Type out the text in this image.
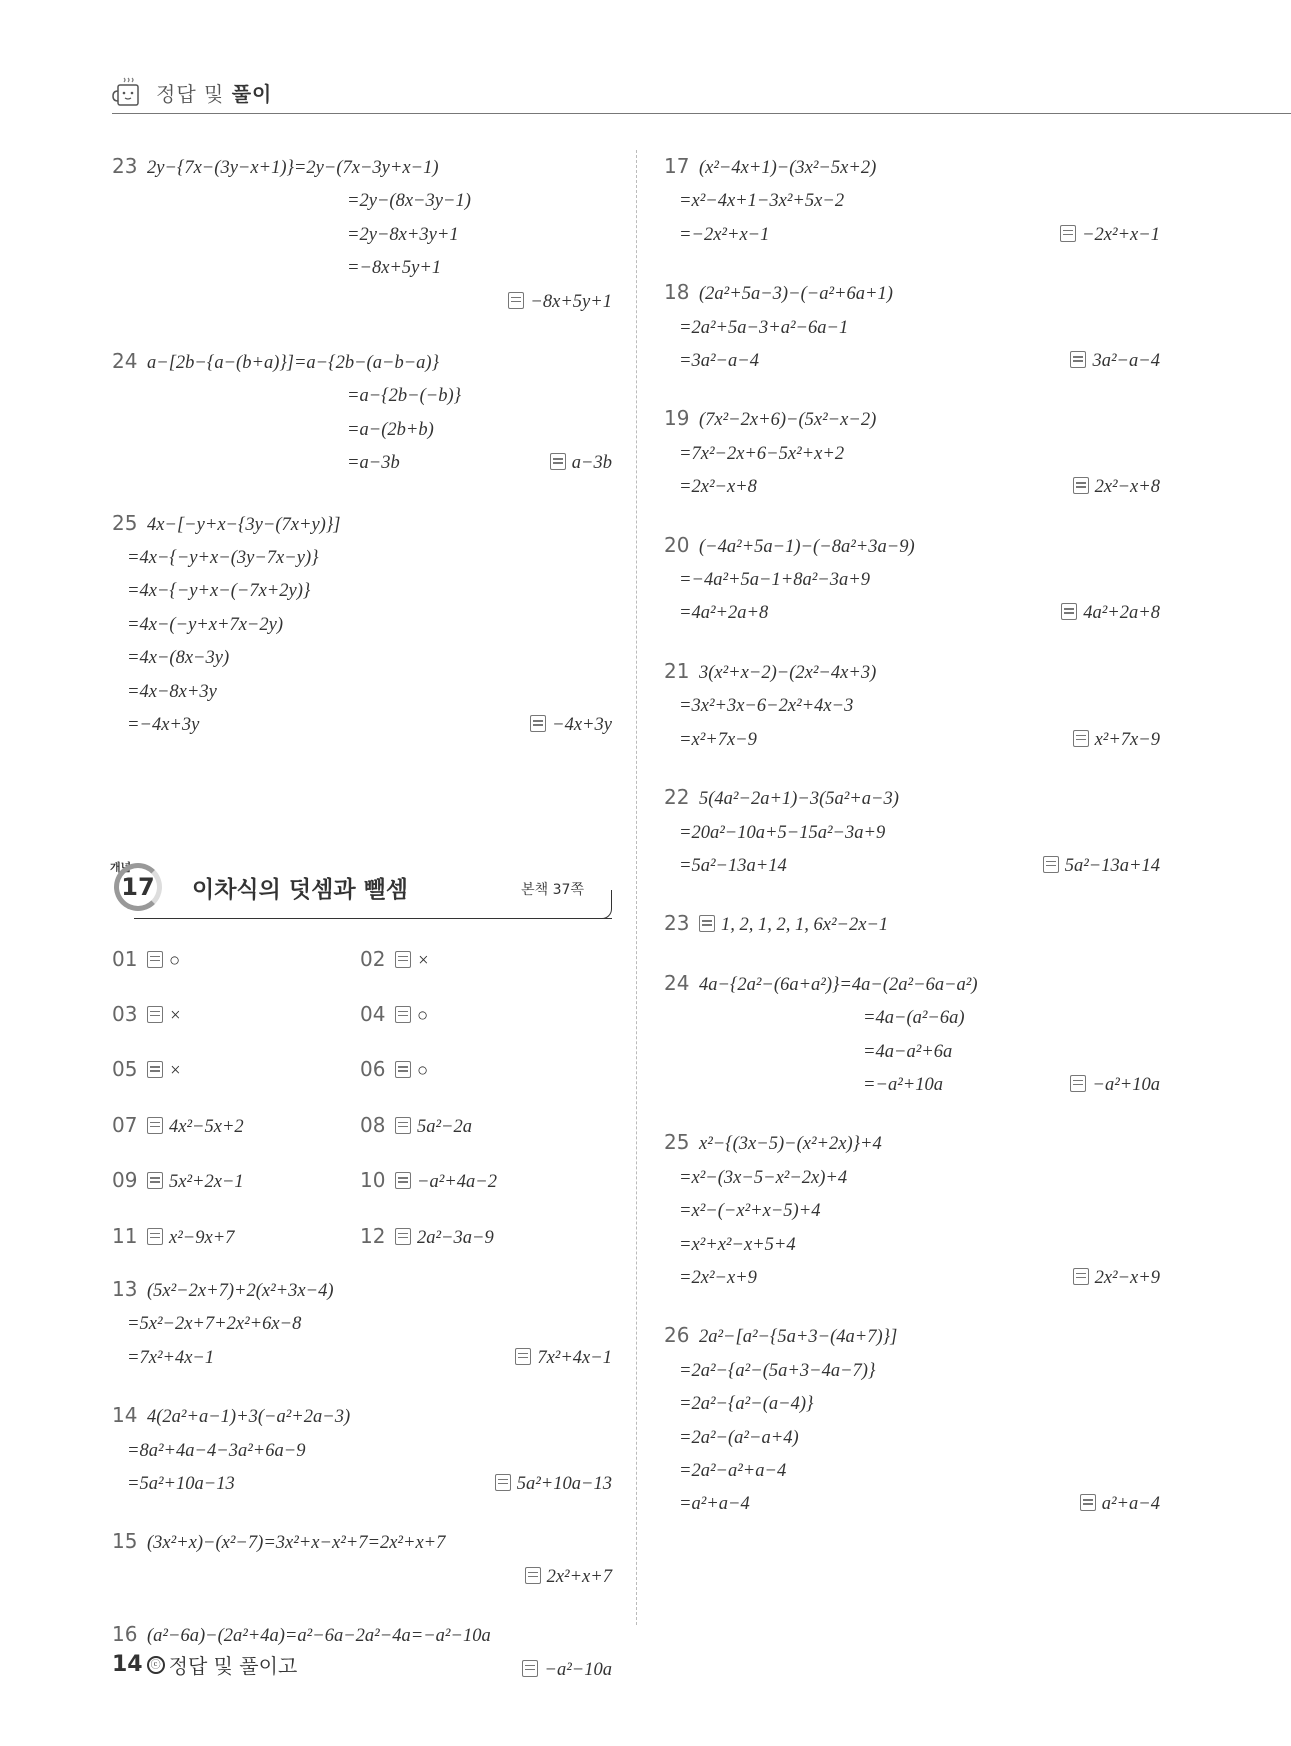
정답 및 풀이
23 2y−{7x−(3y−x+1)}=2y−(7x−3y+x−1)
=2y−(8x−3y−1)
=2y−8x+3y+1
=−8x+5y+1
−8x+5y+1
24 a−[2b−{a−(b+a)}]=a−{2b−(a−b−a)}
=a−{2b−(−b)}
=a−(2b+b)
=a−3b	a−3b
25 4x−[−y+x−{3y−(7x+y)}]
=4x−{−y+x−(3y−7x−y)}
=4x−{−y+x−(−7x+2y)}
=4x−(−y+x+7x−2y)
=4x−(8x−3y)
=4x−8x+3y
=−4x+3y	−4x+3y
개념
17 이차식의 덧셈과 뺄셈	본책 37쪽
01 ○	02 ×
03 ×	04 ○
05 ×	06 ○
07 4x²−5x+2	08 5a²−2a
09 5x²+2x−1	10 −a²+4a−2
11 x²−9x+7	12 2a²−3a−9
13 (5x²−2x+7)+2(x²+3x−4)
=5x²−2x+7+2x²+6x−8
=7x²+4x−1	7x²+4x−1
14 4(2a²+a−1)+3(−a²+2a−3)
=8a²+4a−4−3a²+6a−9
=5a²+10a−13	5a²+10a−13
15 (3x²+x)−(x²−7)=3x²+x−x²+7=2x²+x+7
2x²+x+7
16 (a²−6a)−(2a²+4a)=a²−6a−2a²−4a=−a²−10a
−a²−10a
17 (x²−4x+1)−(3x²−5x+2)
=x²−4x+1−3x²+5x−2
=−2x²+x−1	−2x²+x−1
18 (2a²+5a−3)−(−a²+6a+1)
=2a²+5a−3+a²−6a−1
=3a²−a−4	3a²−a−4
19 (7x²−2x+6)−(5x²−x−2)
=7x²−2x+6−5x²+x+2
=2x²−x+8	2x²−x+8
20 (−4a²+5a−1)−(−8a²+3a−9)
=−4a²+5a−1+8a²−3a+9
=4a²+2a+8	4a²+2a+8
21 3(x²+x−2)−(2x²−4x+3)
=3x²+3x−6−2x²+4x−3
=x²+7x−9	x²+7x−9
22 5(4a²−2a+1)−3(5a²+a−3)
=20a²−10a+5−15a²−3a+9
=5a²−13a+14	5a²−13a+14
23 1, 2, 1, 2, 1, 6x²−2x−1
24 4a−{2a²−(6a+a²)}=4a−(2a²−6a−a²)
=4a−(a²−6a)
=4a−a²+6a
=−a²+10a	−a²+10a
25 x²−{(3x−5)−(x²+2x)}+4
=x²−(3x−5−x²−2x)+4
=x²−(−x²+x−5)+4
=x²+x²−x+5+4
=2x²−x+9	2x²−x+9
26 2a²−[a²−{5a+3−(4a+7)}]
=2a²−{a²−(5a+3−4a−7)}
=2a²−{a²−(a−4)}
=2a²−(a²−a+4)
=2a²−a²+a−4
=a²+a−4	a²+a−4
14 ⓒ 정답 및 풀이 고
